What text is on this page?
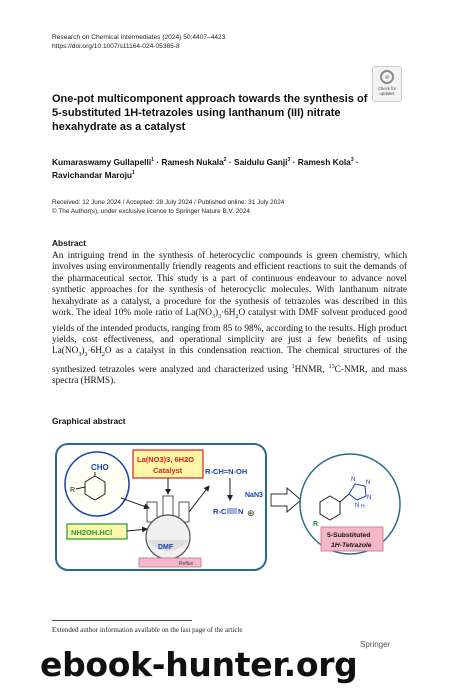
Research on Chemical Intermediates (2024) 50:4407–4423
https://doi.org/10.1007/s11164-024-05365-8
Check for
updates
One-pot multicomponent approach towards the synthesis of 5-substituted 1H-tetrazoles using lanthanum (III) nitrate hexahydrate as a catalyst
Kumaraswamy Gullapelli$^1$ · Ramesh Nukala$^2$ · Saidulu Ganji$^3$ · Ramesh Kola$^3$ ·
Ravichandar Maroju$^1$
Received: 12 June 2024 / Accepted: 28 July 2024 / Published online: 31 July 2024
© The Author(s), under exclusive licence to Springer Nature B.V. 2024
Abstract

An intriguing trend in the synthesis of heterocyclic compounds is green chemistry, which involves using environmentally friendly reagents and efficient reactions to suit the demands of the pharmaceutical sector. This study is a part of continuous endeavour to advance novel synthetic approaches for the synthesis of heterocyclic molecules. With lanthanum nitrate hexahydrate as a catalyst, a procedure for the synthesis of tetrazoles was described in this work. The ideal 10% mole ratio of $La(NO_3)_3\cdot 6H_2O$ catalyst with DMF solvent produced good yields of the intended products, ranging from 85 to 98%, according to the results. High product yields, cost effectiveness, and operational simplicity are just a few benefits of using $La(NO_3)_3\cdot 6H_2O$ as a catalyst in this condensation reaction. The chemical structures of the synthesized tetrazoles were analyzed and characterized using $^1$HNMR, $^{13}$C-NMR, and mass spectra (HRMS).

Graphical abstract
CHO
R
La(NO3)3, 6H2O
Catalyst
NH2OH.HCl
DMF
Reflux
R-CH=N-OH
R-C N
NaN3
⊕
N N
N
N H
R
5-Substituted
1H-Tetrazole
Extended author information available on the last page of the article
Springer
ebook-hunter.org
